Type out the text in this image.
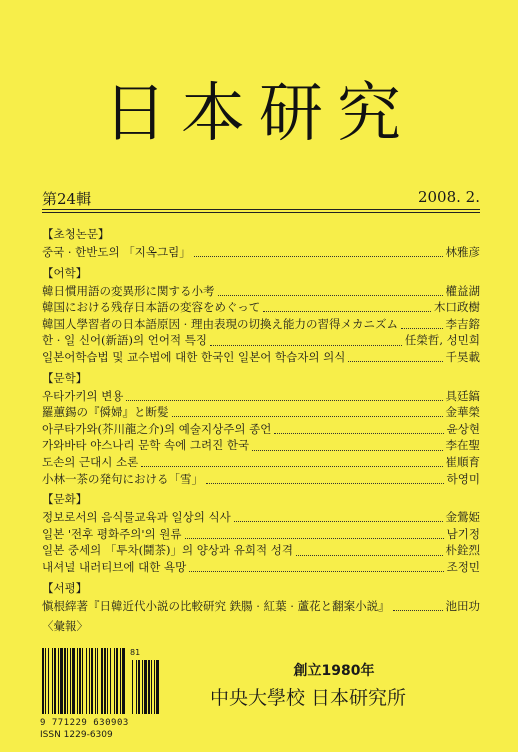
日本研究
第24輯	2008. 2.
【초청논문】
중국 · 한반도의 「지옥그림」	林雅彦
【어학】
韓日慣用語の変異形に関する小考	權益湖
韓国における残存日本語の変容をめぐって	木口政樹
韓国人學習者の日本語原因 · 理由表現の切換え能力の習得メカニズム	李吉鎔
한 · 일 신어(新語)의 언어적 특징	任榮哲, 성민희
일본어학습법 및 교수법에 대한 한국인 일본어 학습자의 의식	千昊載
【문학】
우타가키의 변용	具廷鎬
羅蕙錫の『僢婦』と断髪	金華榮
아쿠타가와(芥川龍之介)의 예술지상주의 종언	윤상현
가와바타 야스나리 문학 속에 그려진 한국	李在聖
도손의 근대시 소론	崔順育
小林一茶の発句における「雪」	하영미
【문화】
정보로서의 음식물교육과 일상의 식사	金鶯姫
일본 '전후 평화주의'의 원류	남기정
일본 중세의 「투차(鬪茶)」의 양상과 유희적 성격	朴銓烈
내셔널 내러티브에 대한 욕망	조정민
【서평】
愼根縡著『日韓近代小説の比較研究 鉄腸 · 紅葉 · 蘆花と翻案小説』	池田功
〈彙報〉
81
9 771229 630903
ISSN 1229-6309
創立1980年
中央大學校 日本研究所
